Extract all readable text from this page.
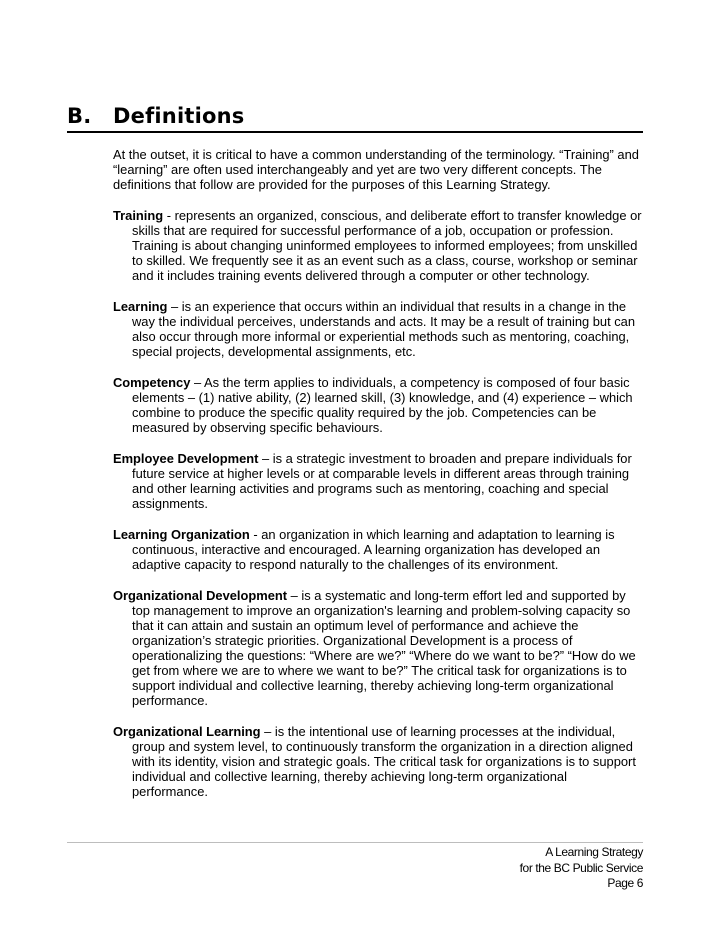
B. Definitions

At the outset, it is critical to have a common understanding of the terminology. “Training” and “learning” are often used interchangeably and yet are two very different concepts. The definitions that follow are provided for the purposes of this Learning Strategy.

Training - represents an organized, conscious, and deliberate effort to transfer knowledge or skills that are required for successful performance of a job, occupation or profession. Training is about changing uninformed employees to informed employees; from unskilled to skilled. We frequently see it as an event such as a class, course, workshop or seminar and it includes training events delivered through a computer or other technology.

Learning – is an experience that occurs within an individual that results in a change in the way the individual perceives, understands and acts. It may be a result of training but can also occur through more informal or experiential methods such as mentoring, coaching, special projects, developmental assignments, etc.

Competency – As the term applies to individuals, a competency is composed of four basic elements – (1) native ability, (2) learned skill, (3) knowledge, and (4) experience – which combine to produce the specific quality required by the job. Competencies can be measured by observing specific behaviours.

Employee Development – is a strategic investment to broaden and prepare individuals for future service at higher levels or at comparable levels in different areas through training and other learning activities and programs such as mentoring, coaching and special assignments.

Learning Organization - an organization in which learning and adaptation to learning is continuous, interactive and encouraged. A learning organization has developed an adaptive capacity to respond naturally to the challenges of its environment.

Organizational Development – is a systematic and long-term effort led and supported by top management to improve an organization's learning and problem-solving capacity so that it can attain and sustain an optimum level of performance and achieve the organization’s strategic priorities. Organizational Development is a process of operationalizing the questions: “Where are we?” “Where do we want to be?” “How do we get from where we are to where we want to be?” The critical task for organizations is to support individual and collective learning, thereby achieving long-term organizational performance.

Organizational Learning – is the intentional use of learning processes at the individual, group and system level, to continuously transform the organization in a direction aligned with its identity, vision and strategic goals. The critical task for organizations is to support individual and collective learning, thereby achieving long-term organizational performance.

A Learning Strategy
for the BC Public Service
Page 6
